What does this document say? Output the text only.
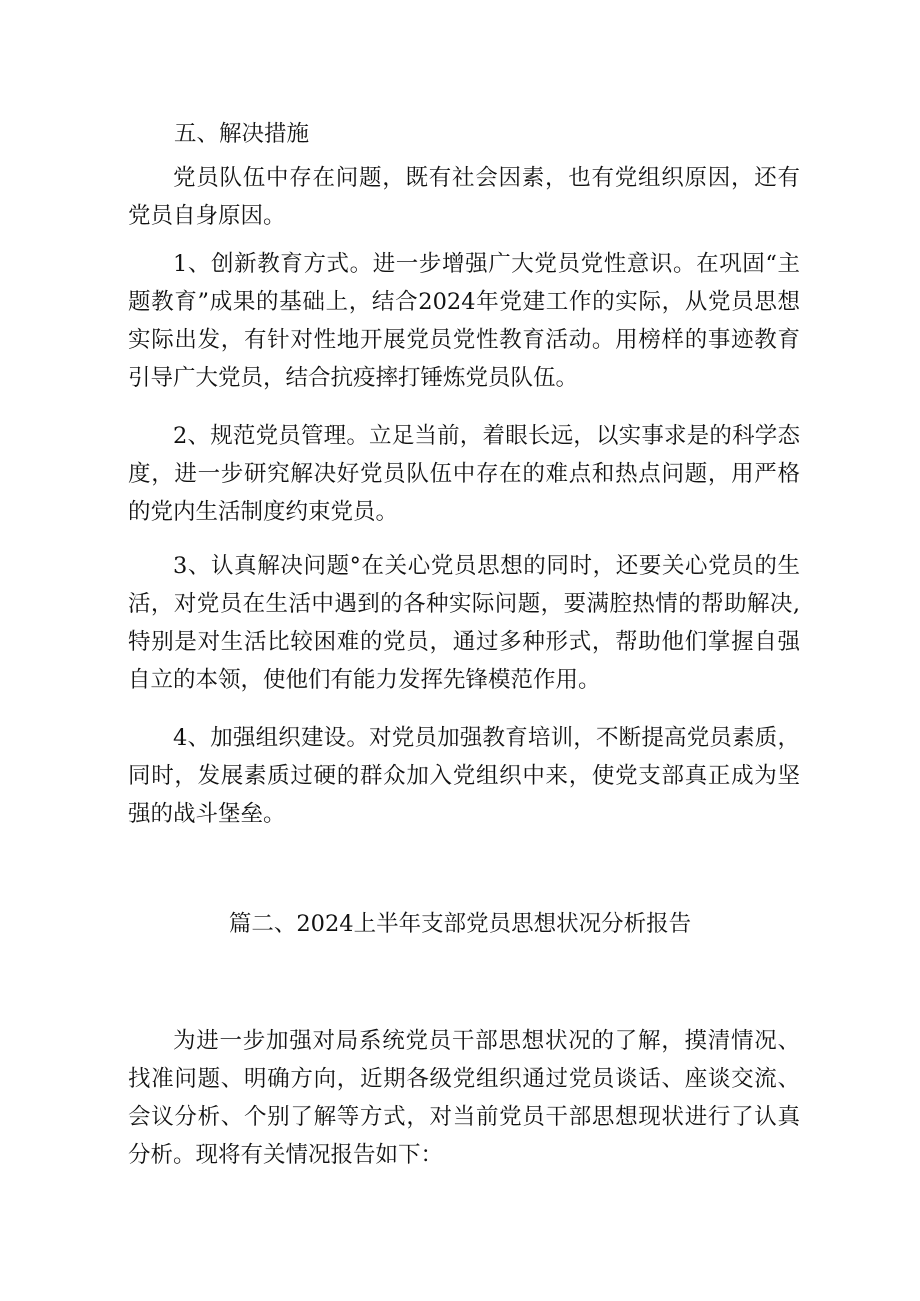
五、解决措施

党员队伍中存在问题，既有社会因素，也有党组织原因，还有党员自身原因。

1、创新教育方式。进一步增强广大党员党性意识。在巩固“主题教育”成果的基础上，结合2024年党建工作的实际，从党员思想实际出发，有针对性地开展党员党性教育活动。用榜样的事迹教育引导广大党员，结合抗疫摔打锤炼党员队伍。

2、规范党员管理。立足当前，着眼长远，以实事求是的科学态度，进一步研究解决好党员队伍中存在的难点和热点问题，用严格的党内生活制度约束党员。

3、认真解决问题°在关心党员思想的同时，还要关心党员的生活，对党员在生活中遇到的各种实际问题，要满腔热情的帮助解决,特别是对生活比较困难的党员，通过多种形式，帮助他们掌握自强自立的本领，使他们有能力发挥先锋模范作用。

4、加强组织建设。对党员加强教育培训，不断提高党员素质，同时，发展素质过硬的群众加入党组织中来，使党支部真正成为坚强的战斗堡垒。

篇二、2024上半年支部党员思想状况分析报告

为进一步加强对局系统党员干部思想状况的了解，摸清情况、找准问题、明确方向，近期各级党组织通过党员谈话、座谈交流、会议分析、个别了解等方式，对当前党员干部思想现状进行了认真分析。现将有关情况报告如下：
